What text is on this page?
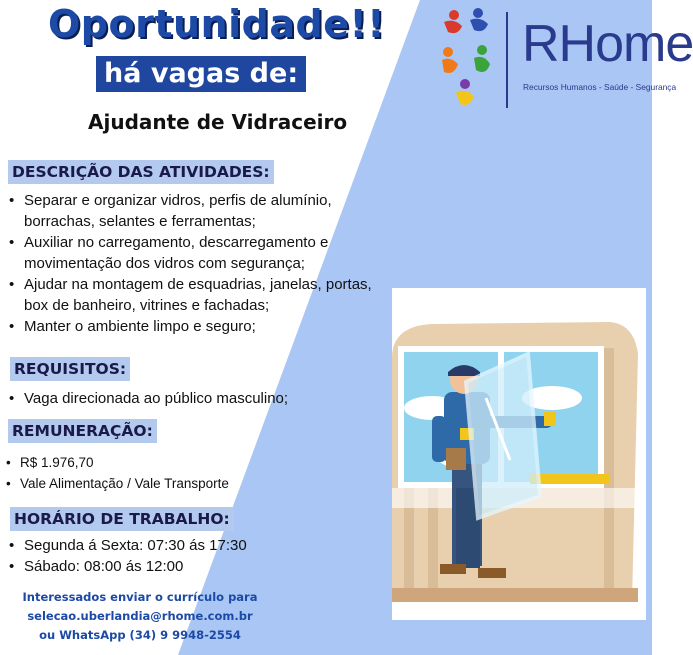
Oportunidade!!
há vagas de:
Ajudante de Vidraceiro
RHome
Recursos Humanos - Saúde - Segurança
DESCRIÇÃO DAS ATIVIDADES:
• Separar e organizar vidros, perfis de alumínio, borrachas, selantes e ferramentas;
• Auxiliar no carregamento, descarregamento e movimentação dos vidros com segurança;
• Ajudar na montagem de esquadrias, janelas, portas, box de banheiro, vitrines e fachadas;
• Manter o ambiente limpo e seguro;
REQUISITOS:
• Vaga direcionada ao público masculino;
REMUNERAÇÃO:
• R$ 1.976,70
• Vale Alimentação / Vale Transporte
HORÁRIO DE TRABALHO:
• Segunda á Sexta: 07:30 ás 17:30
• Sábado: 08:00 ás 12:00
Interessados enviar o currículo para
selecao.uberlandia@rhome.com.br
ou WhatsApp (34) 9 9948-2554
